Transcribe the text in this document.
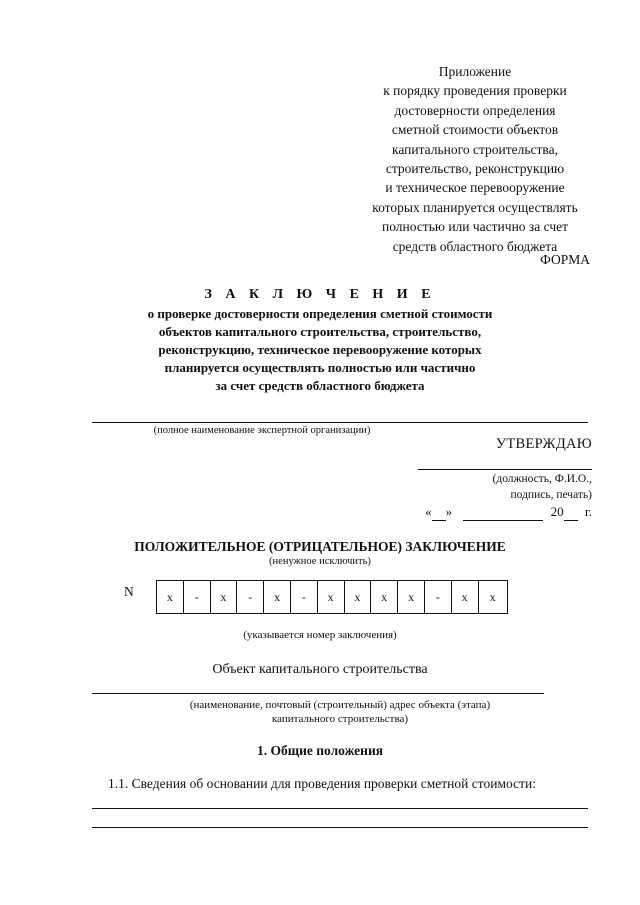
Приложение
к порядку проведения проверки
достоверности определения
сметной стоимости объектов
капитального строительства,
строительство, реконструкцию
и техническое перевооружение
которых планируется осуществлять
полностью или частично за счет
средств областного бюджета
ФОРМА
З А К Л Ю Ч Е Н И Е
о проверке достоверности определения сметной стоимости
объектов капитального строительства, строительство,
реконструкцию, техническое перевооружение которых
планируется осуществлять полностью или частично
за счет средств областного бюджета
(полное наименование экспертной организации)
УТВЕРЖДАЮ
(должность, Ф.И.О.,
подпись, печать)
« »	20 г.
ПОЛОЖИТЕЛЬНОЕ (ОТРИЦАТЕЛЬНОЕ) ЗАКЛЮЧЕНИЕ
(ненужное исключить)
N	x	-	x	-	x	-	x	x	x	x	-	x	x
(указывается номер заключения)
Объект капитального строительства
(наименование, почтовый (строительный) адрес объекта (этапа)
капитального строительства)
1. Общие положения
1.1. Сведения об основании для проведения проверки сметной стоимости:
